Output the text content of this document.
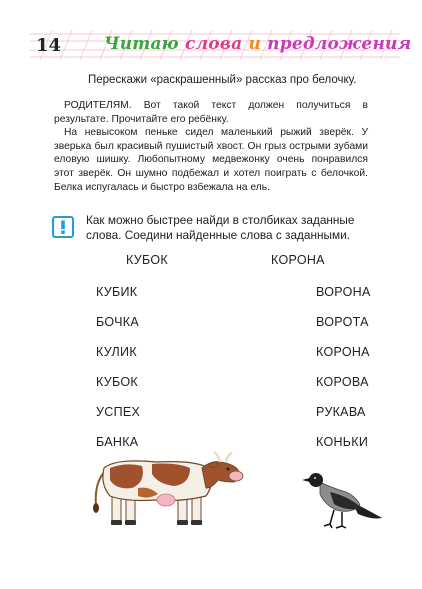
14	Читаю слова и предложения
Перескажи «раскрашенный» рассказ про белочку.

РОДИТЕЛЯМ. Вот такой текст должен получиться в результате. Прочитайте его ребёнку.

На невысоком пеньке сидел маленький рыжий зверёк. У зверька был красивый пушистый хвост. Он грыз острыми зубами еловую шишку. Любопытному медвежонку очень понравился этот зверёк. Он шумно подбежал и хотел поиграть с белочкой. Белка испугалась и быстро взбежала на ель.

Как можно быстрее найди в столбиках заданные слова. Соедини найденные слова с заданными.
КУБОК
КУБИК
БОЧКА
КУЛИК
КУБОК
УСПЕХ
БАНКА
КОРОНА
ВОРОНА
ВОРОТА
КОРОНА
КОРОВА
РУКАВА
КОНЬКИ
